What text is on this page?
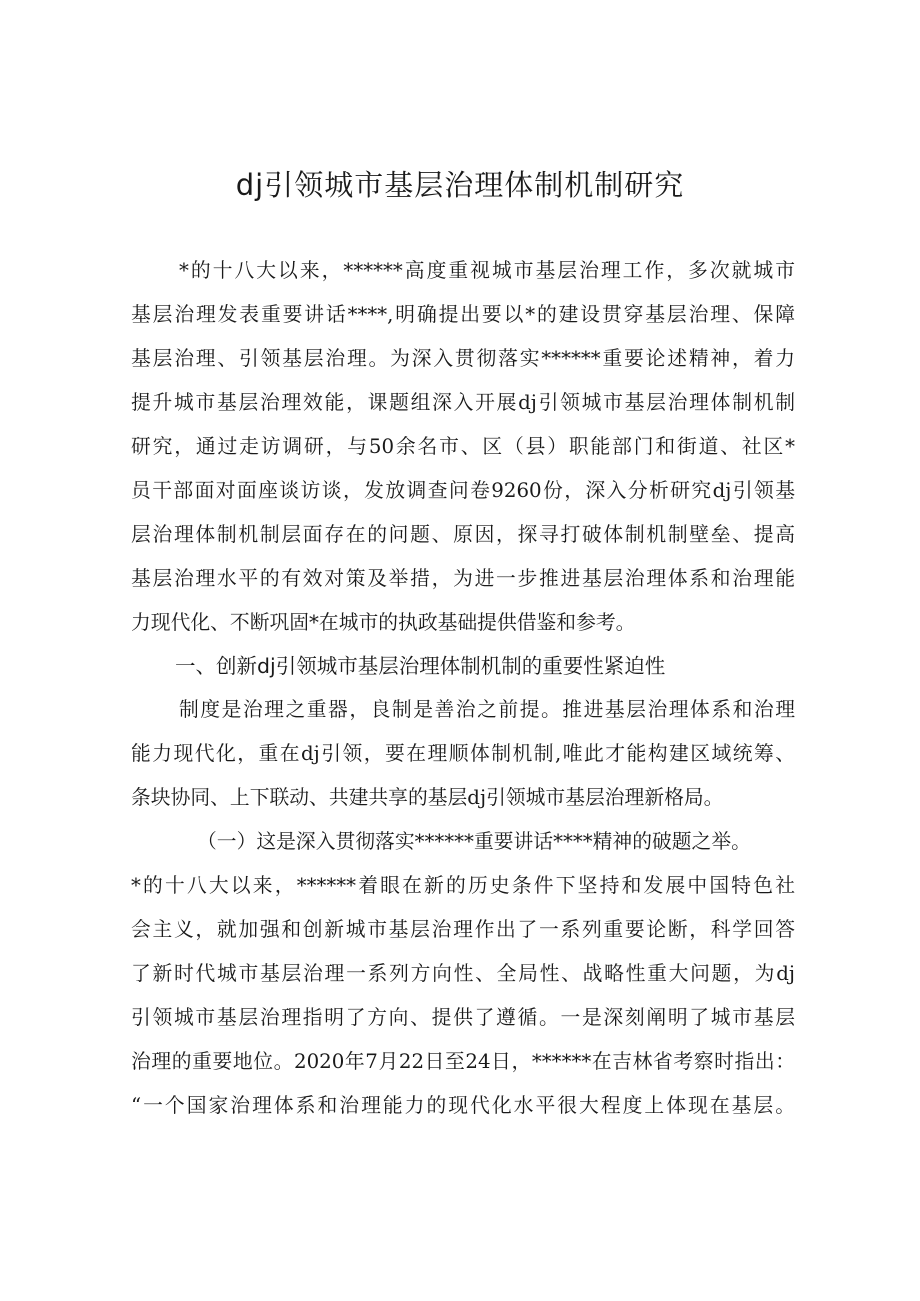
dj引领城市基层治理体制机制研究
*的十八大以来，******高度重视城市基层治理工作，多次就城市
基层治理发表重要讲话****,明确提出要以*的建设贯穿基层治理、保障
基层治理、引领基层治理。为深入贯彻落实******重要论述精神，着力
提升城市基层治理效能，课题组深入开展dj引领城市基层治理体制机制
研究，通过走访调研，与50余名市、区（县）职能部门和街道、社区*
员干部面对面座谈访谈，发放调查问卷9260份，深入分析研究dj引领基
层治理体制机制层面存在的问题、原因，探寻打破体制机制壁垒、提高
基层治理水平的有效对策及举措，为进一步推进基层治理体系和治理能
力现代化、不断巩固*在城市的执政基础提供借鉴和参考。
一、创新dj引领城市基层治理体制机制的重要性紧迫性
制度是治理之重器，良制是善治之前提。推进基层治理体系和治理
能力现代化，重在dj引领，要在理顺体制机制,唯此才能构建区域统筹、
条块协同、上下联动、共建共享的基层dj引领城市基层治理新格局。
（一）这是深入贯彻落实******重要讲话****精神的破题之举。
*的十八大以来，******着眼在新的历史条件下坚持和发展中国特色社
会主义，就加强和创新城市基层治理作出了一系列重要论断，科学回答
了新时代城市基层治理一系列方向性、全局性、战略性重大问题，为dj
引领城市基层治理指明了方向、提供了遵循。一是深刻阐明了城市基层
治理的重要地位。2020年7月22日至24日，******在吉林省考察时指出：
“一个国家治理体系和治理能力的现代化水平很大程度上体现在基层。
